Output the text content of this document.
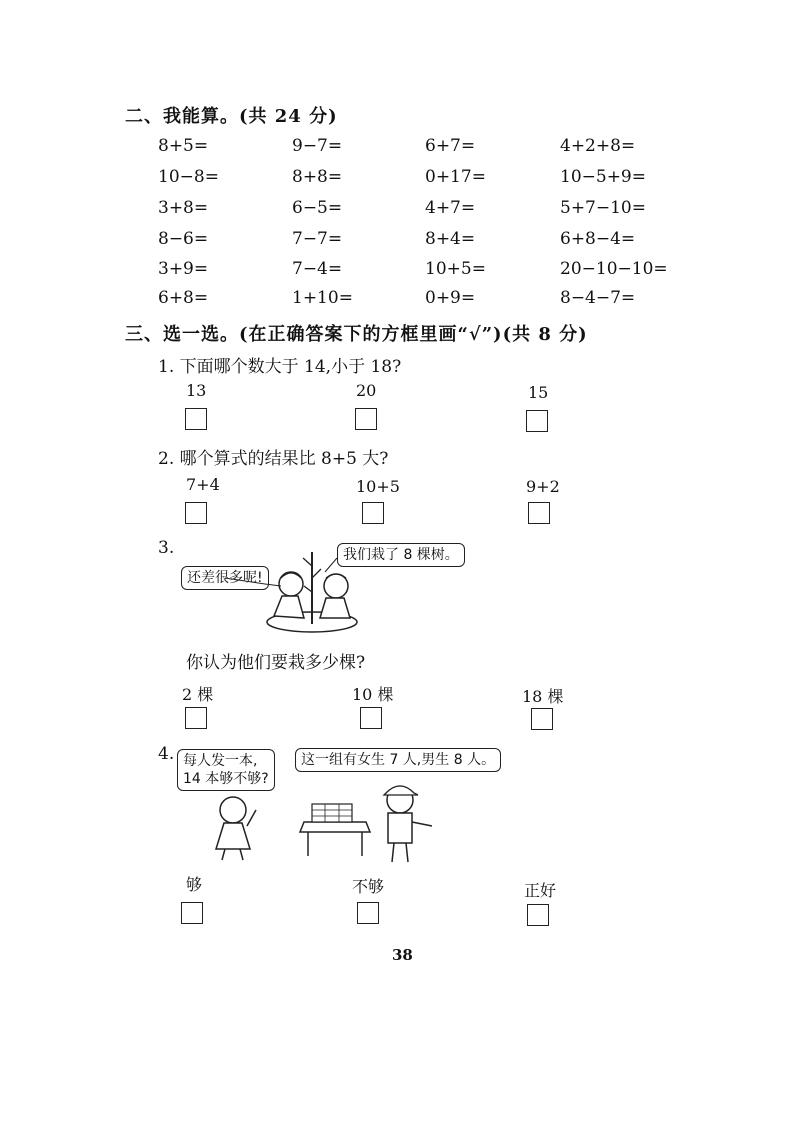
二、我能算。(共 24 分)
8+5=	9−7=	6+7=	4+2+8=
10−8=	8+8=	0+17=	10−5+9=
3+8=	6−5=	4+7=	5+7−10=
8−6=	7−7=	8+4=	6+8−4=
3+9=	7−4=	10+5=	20−10−10=
6+8=	1+10=	0+9=	8−4−7=
三、选一选。(在正确答案下的方框里画“√”)(共 8 分)
1. 下面哪个数大于 14,小于 18?
13	20	15
2. 哪个算式的结果比 8+5 大?
7+4	10+5	9+2
3.
还差很多呢!
我们栽了 8 棵树。
你认为他们要栽多少棵?
2 棵	10 棵	18 棵
4. 每人发一本,
14 本够不够?
这一组有女生 7 人,男生 8 人。
够	不够	正好
38
